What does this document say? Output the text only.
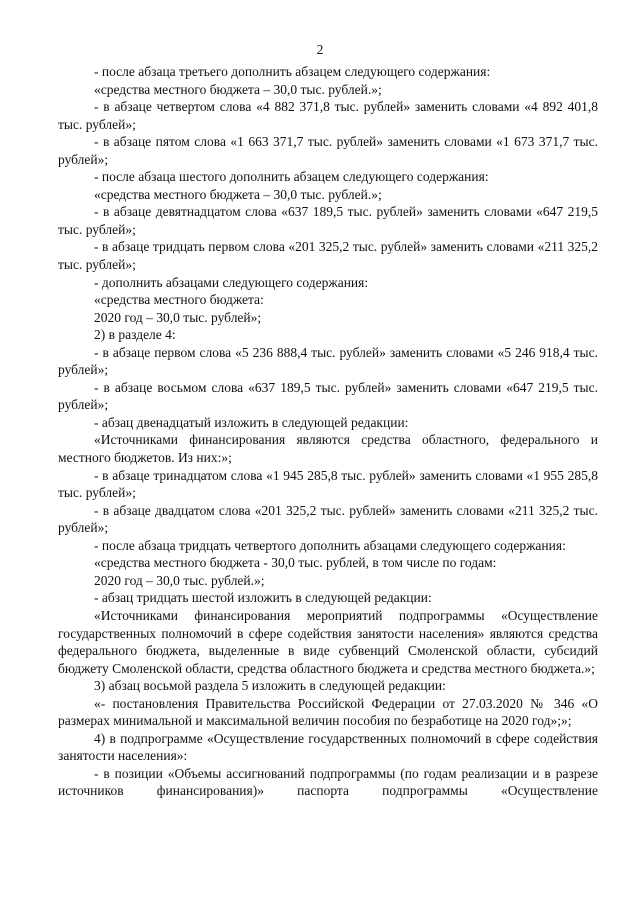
2

- после абзаца третьего дополнить абзацем следующего содержания:

«средства местного бюджета – 30,0 тыс. рублей.»;

- в абзаце четвертом слова «4 882 371,8 тыс. рублей» заменить словами «4 892 401,8 тыс. рублей»;

- в абзаце пятом слова «1 663 371,7 тыс. рублей» заменить словами «1 673 371,7 тыс. рублей»;

- после абзаца шестого дополнить абзацем следующего содержания:

«средства местного бюджета – 30,0 тыс. рублей.»;

- в абзаце девятнадцатом слова «637 189,5 тыс. рублей» заменить словами «647 219,5 тыс. рублей»;

- в абзаце тридцать первом слова «201 325,2 тыс. рублей» заменить словами «211 325,2 тыс. рублей»;

- дополнить абзацами следующего содержания:

«средства местного бюджета:

2020 год – 30,0 тыс. рублей»;

2) в разделе 4:

- в абзаце первом слова «5 236 888,4 тыс. рублей» заменить словами «5 246 918,4 тыс. рублей»;

- в абзаце восьмом слова «637 189,5 тыс. рублей» заменить словами «647 219,5 тыс. рублей»;

- абзац двенадцатый изложить в следующей редакции:

«Источниками финансирования являются средства областного, федерального и местного бюджетов. Из них:»;

- в абзаце тринадцатом слова «1 945 285,8 тыс. рублей» заменить словами «1 955 285,8 тыс. рублей»;

- в абзаце двадцатом слова «201 325,2 тыс. рублей» заменить словами «211 325,2 тыс. рублей»;

- после абзаца тридцать четвертого дополнить абзацами следующего содержания:

«средства местного бюджета - 30,0 тыс. рублей, в том числе по годам:

2020 год – 30,0 тыс. рублей.»;

- абзац тридцать шестой изложить в следующей редакции:

«Источниками финансирования мероприятий подпрограммы «Осуществление государственных полномочий в сфере содействия занятости населения» являются средства федерального бюджета, выделенные в виде субвенций Смоленской области, субсидий бюджету Смоленской области, средства областного бюджета и средства местного бюджета.»;

3) абзац восьмой раздела 5 изложить в следующей редакции:

«- постановления Правительства Российской Федерации от 27.03.2020 № 346 «О размерах минимальной и максимальной величин пособия по безработице на 2020 год»;»;

4) в подпрограмме «Осуществление государственных полномочий в сфере содействия занятости населения»:

- в позиции «Объемы ассигнований подпрограммы (по годам реализации и в разрезе источников финансирования)» паспорта подпрограммы «Осуществление
